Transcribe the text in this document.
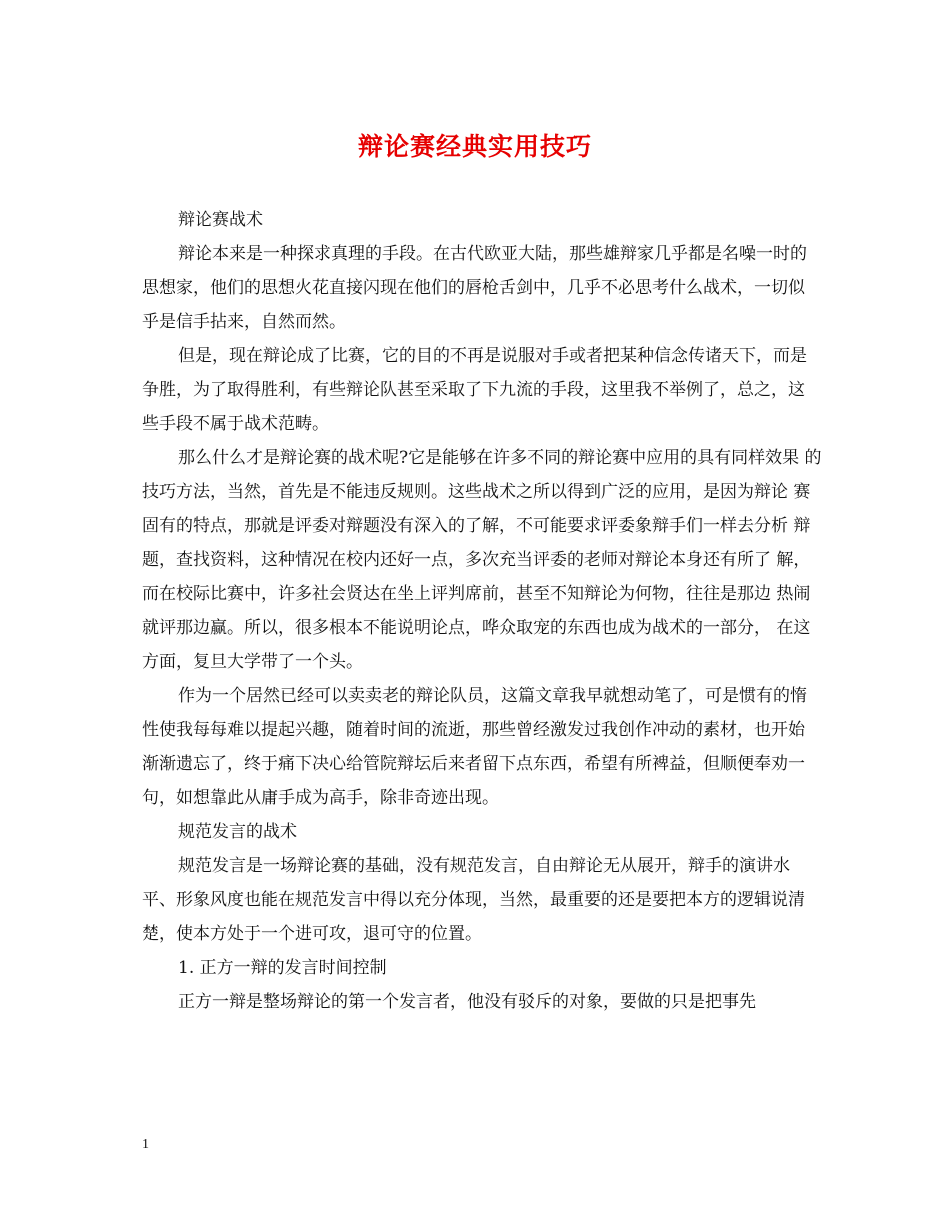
辩论赛经典实用技巧

辩论赛战术

辩论本来是一种探求真理的手段。在古代欧亚大陆，那些雄辩家几乎都是名噪一时的 思想家，他们的思想火花直接闪现在他们的唇枪舌剑中，几乎不必思考什么战术，一切似 乎是信手拈来，自然而然。

但是，现在辩论成了比赛，它的目的不再是说服对手或者把某种信念传诸天下，而是 争胜，为了取得胜利，有些辩论队甚至采取了下九流的手段，这里我不举例了，总之，这 些手段不属于战术范畴。

那么什么才是辩论赛的战术呢?它是能够在许多不同的辩论赛中应用的具有同样效果 的技巧方法，当然，首先是不能违反规则。这些战术之所以得到广泛的应用，是因为辩论 赛固有的特点，那就是评委对辩题没有深入的了解，不可能要求评委象辩手们一样去分析 辩题，查找资料，这种情况在校内还好一点，多次充当评委的老师对辩论本身还有所了 解，而在校际比赛中，许多社会贤达在坐上评判席前，甚至不知辩论为何物，往往是那边 热闹就评那边赢。所以，很多根本不能说明论点，哗众取宠的东西也成为战术的一部分， 在这方面，复旦大学带了一个头。

作为一个居然已经可以卖卖老的辩论队员，这篇文章我早就想动笔了，可是惯有的惰 性使我每每难以提起兴趣，随着时间的流逝，那些曾经激发过我创作冲动的素材，也开始 渐渐遗忘了，终于痛下决心给管院辩坛后来者留下点东西，希望有所裨益，但顺便奉劝一 句，如想靠此从庸手成为高手，除非奇迹出现。

规范发言的战术

规范发言是一场辩论赛的基础，没有规范发言，自由辩论无从展开，辩手的演讲水 平、形象风度也能在规范发言中得以充分体现，当然，最重要的还是要把本方的逻辑说清 楚，使本方处于一个进可攻，退可守的位置。

1. 正方一辩的发言时间控制

正方一辩是整场辩论的第一个发言者，他没有驳斥的对象，要做的只是把事先

1
